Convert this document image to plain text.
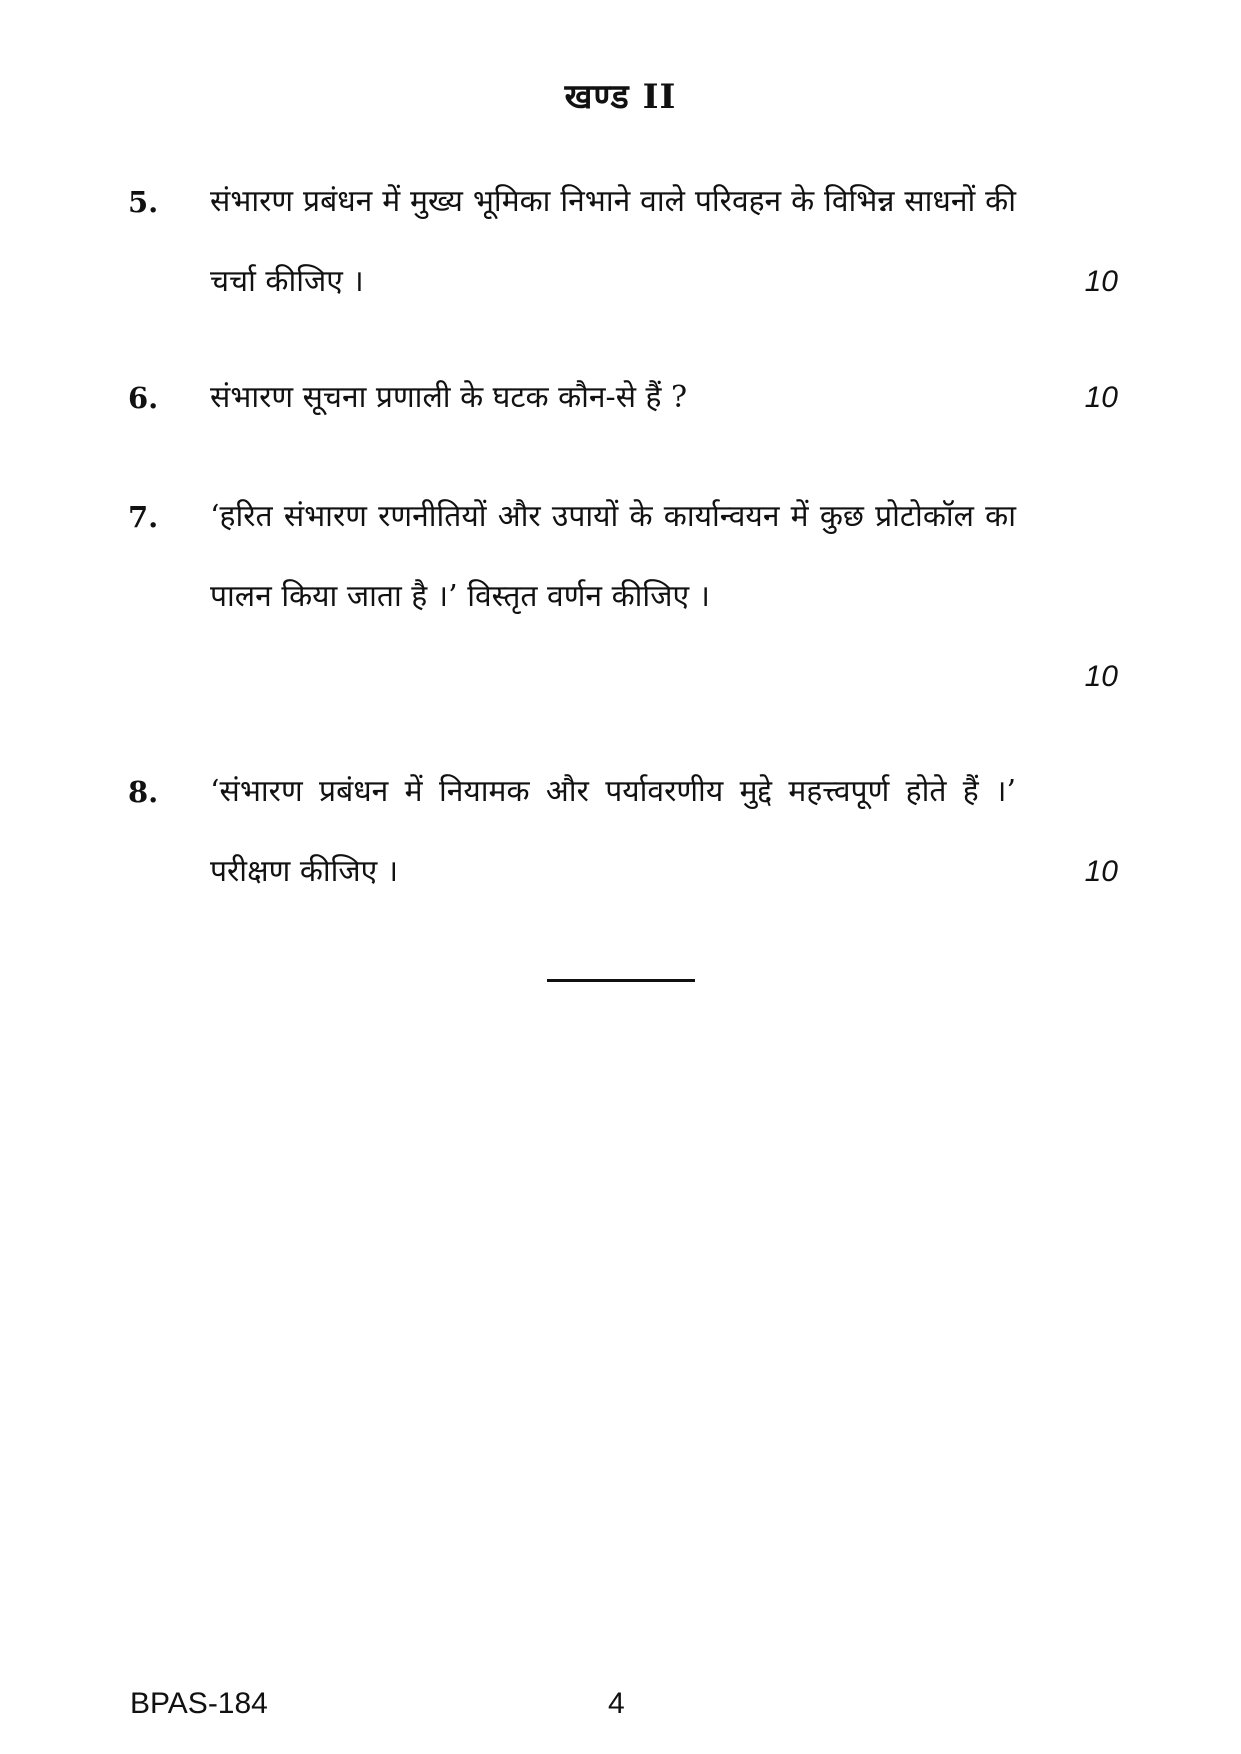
खण्ड II
5. संभारण प्रबंधन में मुख्य भूमिका निभाने वाले परिवहन के विभिन्न साधनों की चर्चा कीजिए ।	10
6. संभारण सूचना प्रणाली के घटक कौन-से हैं ?	10
7. ‘हरित संभारण रणनीतियों और उपायों के कार्यान्वयन में कुछ प्रोटोकॉल का पालन किया जाता है ।’ विस्तृत वर्णन कीजिए ।
10
8. ‘संभारण प्रबंधन में नियामक और पर्यावरणीय मुद्दे महत्त्वपूर्ण होते हैं ।’ परीक्षण कीजिए ।	10
BPAS-184	4
